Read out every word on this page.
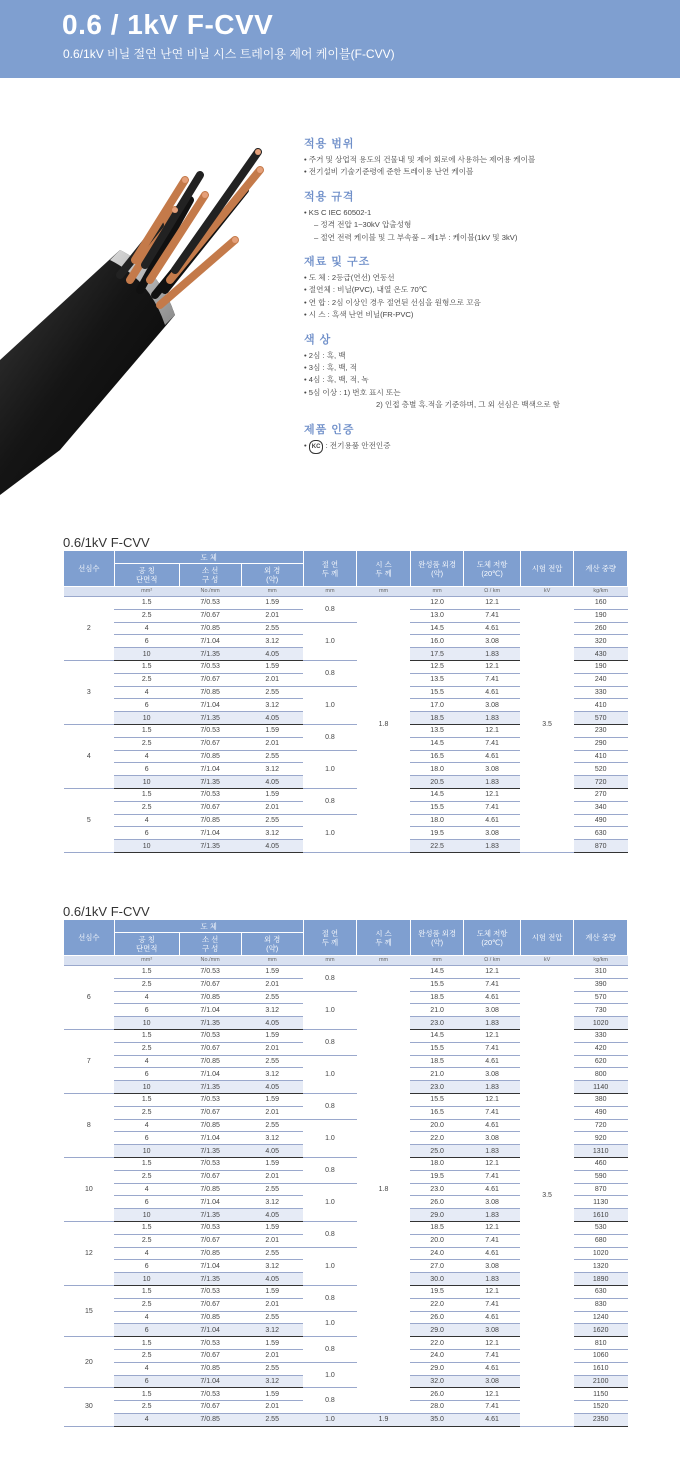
0.6 / 1kV F-CVV

0.6/1kV 비닐 절연 난연 비닐 시스 트레이용 제어 케이블(F-CVV)

적용 범위
• 주거 및 상업적 용도의 건물내 및 제어 회로에 사용하는 제어용 케이블
• 전기설비 기술기준령에 준한 트레이용 난연 케이블
적용 규격
• KS C IEC 60502-1
– 정격 전압 1~30kV 압출성형
– 절연 전력 케이블 및 그 부속품 – 제1부 : 케이블(1kV 및 3kV)
재료 및 구조
• 도 체 : 2등급(연선) 연동선
• 절연체 : 비닐(PVC), 내열 온도 70℃
• 연 합 : 2심 이상인 경우 절연된 선심을 원형으로 꼬음
• 시 스 : 흑색 난연 비닐(FR-PVC)
색 상
• 2심 : 흑, 백
• 3심 : 흑, 백, 적
• 4심 : 흑, 백, 적, 녹
• 5심 이상 : 1) 번호 표시 또는
2) 인접 층별 흑.적을 기준하며, 그 외 선심은 백색으로 함
제품 인증
• KC : 전기용품 안전인증
0.6/1kV F-CVV
선심수	도 체			절 연
두 께	시 스
두 께	완성품 외경
(약)	도체 저항
(20℃)	시험 전압	계산 중량
	공 칭
단면적	소 선
구 성	외 경
(약)						
	mm²	No./mm	mm	mm	mm	mm	Ω / km	kV	kg/km
2	1.5	7/0.53	1.59	0.8	1.8	12.0	12.1	3.5	160
	2.5	7/0.67	2.01			13.0	7.41		190
	4	7/0.85	2.55	1.0		14.5	4.61		260
	6	7/1.04	3.12			16.0	3.08		320
	10	7/1.35	4.05			17.5	1.83		430
3	1.5	7/0.53	1.59	0.8		12.5	12.1		190
	2.5	7/0.67	2.01			13.5	7.41		240
	4	7/0.85	2.55	1.0		15.5	4.61		330
	6	7/1.04	3.12			17.0	3.08		410
	10	7/1.35	4.05			18.5	1.83		570
4	1.5	7/0.53	1.59	0.8		13.5	12.1		230
	2.5	7/0.67	2.01			14.5	7.41		290
	4	7/0.85	2.55	1.0		16.5	4.61		410
	6	7/1.04	3.12			18.0	3.08		520
	10	7/1.35	4.05			20.5	1.83		720
5	1.5	7/0.53	1.59	0.8		14.5	12.1		270
	2.5	7/0.67	2.01			15.5	7.41		340
	4	7/0.85	2.55	1.0		18.0	4.61		490
	6	7/1.04	3.12			19.5	3.08		630
	10	7/1.35	4.05			22.5	1.83		870
0.6/1kV F-CVV
선심수	도 체			절 연
두 께	시 스
두 께	완성품 외경
(약)	도체 저항
(20℃)	시험 전압	계산 중량
	공 칭
단면적	소 선
구 성	외 경
(약)						
	mm²	No./mm	mm	mm	mm	mm	Ω / km	kV	kg/km
6	1.5	7/0.53	1.59	0.8	1.8	14.5	12.1	3.5	310
	2.5	7/0.67	2.01			15.5	7.41		390
	4	7/0.85	2.55	1.0		18.5	4.61		570
	6	7/1.04	3.12			21.0	3.08		730
	10	7/1.35	4.05			23.0	1.83		1020
7	1.5	7/0.53	1.59	0.8		14.5	12.1		330
	2.5	7/0.67	2.01			15.5	7.41		420
	4	7/0.85	2.55	1.0		18.5	4.61		620
	6	7/1.04	3.12			21.0	3.08		800
	10	7/1.35	4.05			23.0	1.83		1140
8	1.5	7/0.53	1.59	0.8		15.5	12.1		380
	2.5	7/0.67	2.01			16.5	7.41		490
	4	7/0.85	2.55	1.0		20.0	4.61		720
	6	7/1.04	3.12			22.0	3.08		920
	10	7/1.35	4.05			25.0	1.83		1310
10	1.5	7/0.53	1.59	0.8		18.0	12.1		460
	2.5	7/0.67	2.01			19.5	7.41		590
	4	7/0.85	2.55	1.0		23.0	4.61		870
	6	7/1.04	3.12			26.0	3.08		1130
	10	7/1.35	4.05			29.0	1.83		1610
12	1.5	7/0.53	1.59	0.8		18.5	12.1		530
	2.5	7/0.67	2.01			20.0	7.41		680
	4	7/0.85	2.55	1.0		24.0	4.61		1020
	6	7/1.04	3.12			27.0	3.08		1320
	10	7/1.35	4.05			30.0	1.83		1890
15	1.5	7/0.53	1.59	0.8		19.5	12.1		630
	2.5	7/0.67	2.01			22.0	7.41		830
	4	7/0.85	2.55	1.0		26.0	4.61		1240
	6	7/1.04	3.12			29.0	3.08		1620
20	1.5	7/0.53	1.59	0.8		22.0	12.1		810
	2.5	7/0.67	2.01			24.0	7.41		1060
	4	7/0.85	2.55	1.0		29.0	4.61		1610
	6	7/1.04	3.12			32.0	3.08		2100
30	1.5	7/0.53	1.59	0.8		26.0	12.1		1150
	2.5	7/0.67	2.01			28.0	7.41		1520
	4	7/0.85	2.55	1.0	1.9	35.0	4.61		2350
